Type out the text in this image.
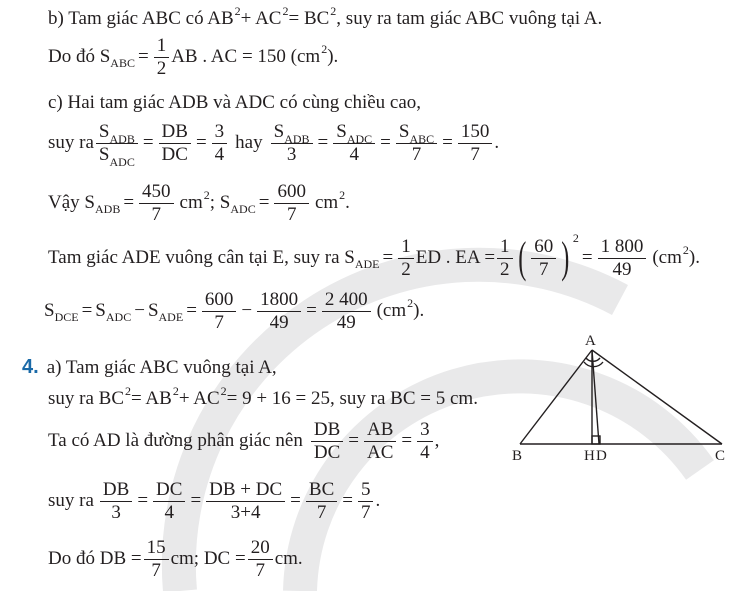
b) Tam giác ABC có AB 2 + AC 2 = BC 2 , suy ra tam giác ABC vuông tại A.
Do đó S ABC = $\frac{1}{2}$ AB . AC = 150 (cm 2 ).
c) Hai tam giác ADB và ADC có cùng chiều cao,
suy ra $\frac{S_{ADB}}{S_{ADC}} = \frac{DB}{DC} = \frac{3}{4}$ hay $\frac{S_{ADB}}{3} = \frac{S_{ADC}}{4} = \frac{S_{ABC}}{7} = \frac{150}{7}$ .
Vậy S ADB = $\frac{450}{7}$ cm 2 ; S ADC = $\frac{600}{7}$ cm 2 .
Tam giác ADE vuông cân tại E, suy ra S ADE = $\frac{1}{2}$ ED . EA = $\frac{1}{2}$ ( $\frac{60}{7}$ ) 2
= $\frac{1 800}{49} (cm$ 2 ).
S DCE = S ADC − S ADE = $\frac{600}{7} - \frac{1800}{49} = \frac{2 400}{49} (cm$ 2 ).
4. a) Tam giác ABC vuông tại A,
suy ra BC 2 = AB 2 + AC 2 = 9 + 16 = 25, suy ra BC = 5 cm.
Ta có AD là đường phân giác nên $\frac{DB}{DC} = \frac{AB}{AC} = \frac{3}{4}$ ,
suy ra $\frac{DB}{3} = \frac{DC}{4} = \frac{DB + DC}{3+4} = \frac{BC}{7} = \frac{5}{7}$ .
Do đó DB = $\frac{15}{7}$ cm; DC = $\frac{20}{7}$ cm.
A
B	H D	C
